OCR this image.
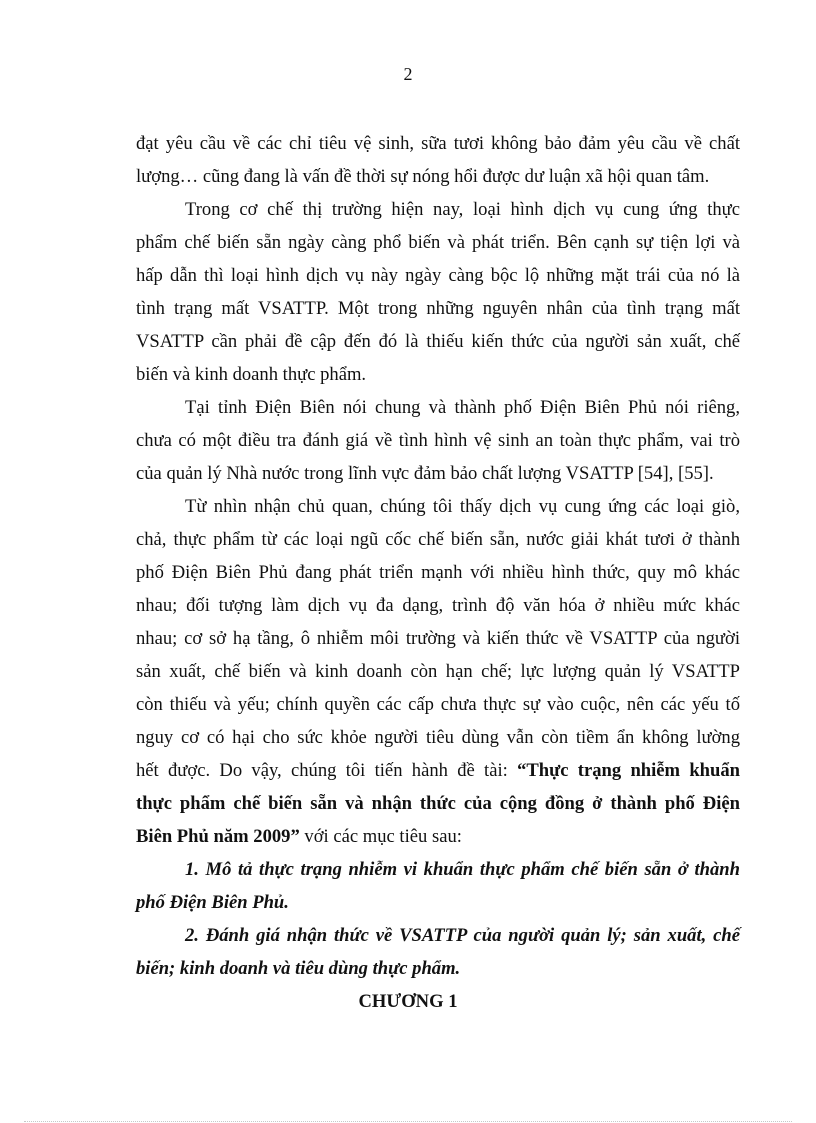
2
đạt yêu cầu về các chỉ tiêu vệ sinh, sữa tươi không bảo đảm yêu cầu về chất
lượng… cũng đang là vấn đề thời sự nóng hổi được dư luận xã hội quan tâm.
Trong cơ chế thị trường hiện nay, loại hình dịch vụ cung ứng thực
phẩm chế biến sẵn ngày càng phổ biến và phát triển. Bên cạnh sự tiện lợi và
hấp dẫn thì loại hình dịch vụ này ngày càng bộc lộ những mặt trái của nó là
tình trạng mất VSATTP. Một trong những nguyên nhân của tình trạng mất
VSATTP cần phải đề cập đến đó là thiếu kiến thức của người sản xuất, chế
biến và kinh doanh thực phẩm.
Tại tỉnh Điện Biên nói chung và thành phố Điện Biên Phủ nói riêng,
chưa có một điều tra đánh giá về tình hình vệ sinh an toàn thực phẩm, vai trò
của quản lý Nhà nước trong lĩnh vực đảm bảo chất lượng VSATTP [54], [55].
Từ nhìn nhận chủ quan, chúng tôi thấy dịch vụ cung ứng các loại giò,
chả, thực phẩm từ các loại ngũ cốc chế biến sẵn, nước giải khát tươi ở thành
phố Điện Biên Phủ đang phát triển mạnh với nhiều hình thức, quy mô khác
nhau; đối tượng làm dịch vụ đa dạng, trình độ văn hóa ở nhiều mức khác
nhau; cơ sở hạ tầng, ô nhiễm môi trường và kiến thức về VSATTP của người
sản xuất, chế biến và kinh doanh còn hạn chế; lực lượng quản lý VSATTP
còn thiếu và yếu; chính quyền các cấp chưa thực sự vào cuộc, nên các yếu tố
nguy cơ có hại cho sức khỏe người tiêu dùng vẫn còn tiềm ẩn không lường
hết được. Do vậy, chúng tôi tiến hành đề tài: “Thực trạng nhiễm khuẩn
thực phẩm chế biến sẵn và nhận thức của cộng đồng ở thành phố Điện
Biên Phủ năm 2009” với các mục tiêu sau:
1. Mô tả thực trạng nhiễm vi khuẩn thực phẩm chế biến sẵn ở thành
phố Điện Biên Phủ.
2. Đánh giá nhận thức về VSATTP của người quản lý; sản xuất, chế
biến; kinh doanh và tiêu dùng thực phẩm.
CHƯƠNG 1
